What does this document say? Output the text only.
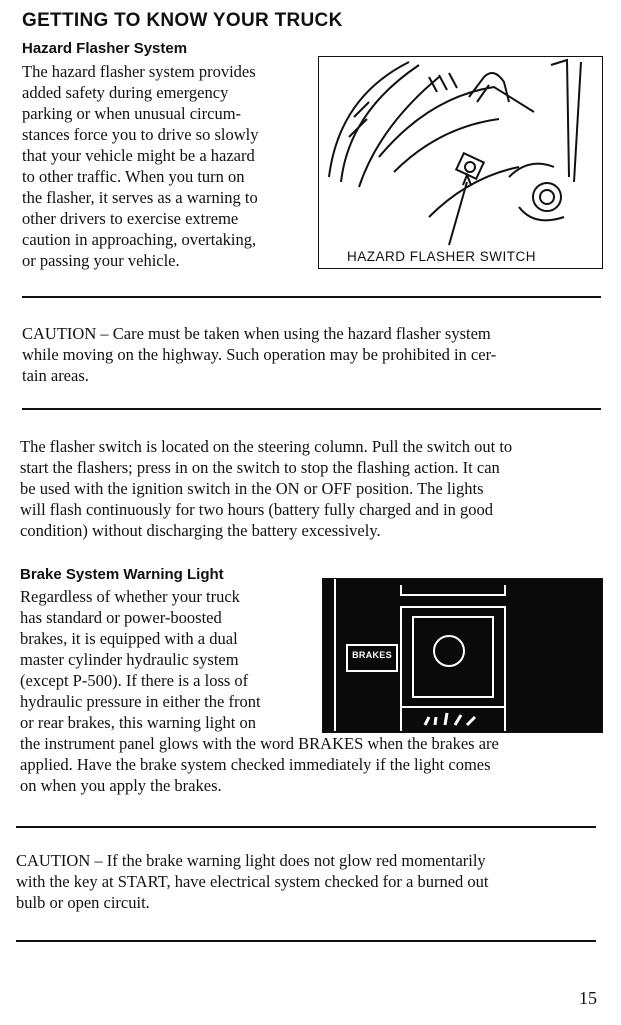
GETTING TO KNOW YOUR TRUCK
Hazard Flasher System
The hazard flasher system provides
added safety during emergency
parking or when unusual circum-
stances force you to drive so slowly
that your vehicle might be a hazard
to other traffic. When you turn on
the flasher, it serves as a warning to
other drivers to exercise extreme
caution in approaching, overtaking,
or passing your vehicle.	HAZARD FLASHER SWITCH
CAUTION – Care must be taken when using the hazard flasher system
while moving on the highway. Such operation may be prohibited in cer-
tain areas.
The flasher switch is located on the steering column. Pull the switch out to
start the flashers; press in on the switch to stop the flashing action. It can
be used with the ignition switch in the ON or OFF position. The lights
will flash continuously for two hours (battery fully charged and in good
condition) without discharging the battery excessively.
Brake System Warning Light
Regardless of whether your truck
has standard or power-boosted
brakes, it is equipped with a dual
master cylinder hydraulic system
(except P-500). If there is a loss of
hydraulic pressure in either the front
or rear brakes, this warning light on
the instrument panel glows with the word BRAKES when the brakes are
applied. Have the brake system checked immediately if the light comes
on when you apply the brakes.
BRAKES
CAUTION – If the brake warning light does not glow red momentarily
with the key at START, have electrical system checked for a burned out
bulb or open circuit.
15
